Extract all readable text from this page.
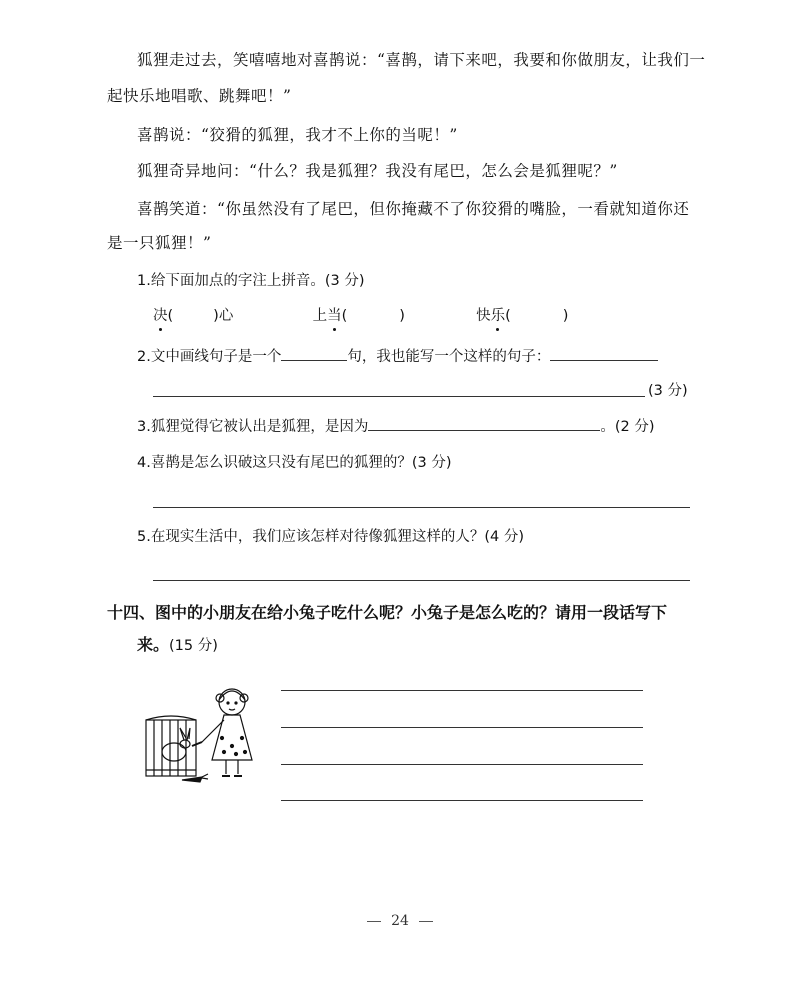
狐狸走过去，笑嘻嘻地对喜鹊说：“喜鹊，请下来吧，我要和你做朋友，让我们一
起快乐地唱歌、跳舞吧！”
喜鹊说：“狡猾的狐狸，我才不上你的当呢！”
狐狸奇异地问：“什么？我是狐狸？我没有尾巴，怎么会是狐狸呢？”
喜鹊笑道：“你虽然没有了尾巴，但你掩藏不了你狡猾的嘴脸，一看就知道你还
是一只狐狸！”
1.给下面加点的字注上拼音。(3 分)
决(	)心	上当(	)	快乐(	)
2.文中画线句子是一个	句，我也能写一个这样的句子：
(3 分)
3.狐狸觉得它被认出是狐狸，是因为	。(2 分)
4.喜鹊是怎么识破这只没有尾巴的狐狸的？(3 分)
5.在现实生活中，我们应该怎样对待像狐狸这样的人？(4 分)
十四、图中的小朋友在给小兔子吃什么呢？小兔子是怎么吃的？请用一段话写下
来。(15 分)
24
